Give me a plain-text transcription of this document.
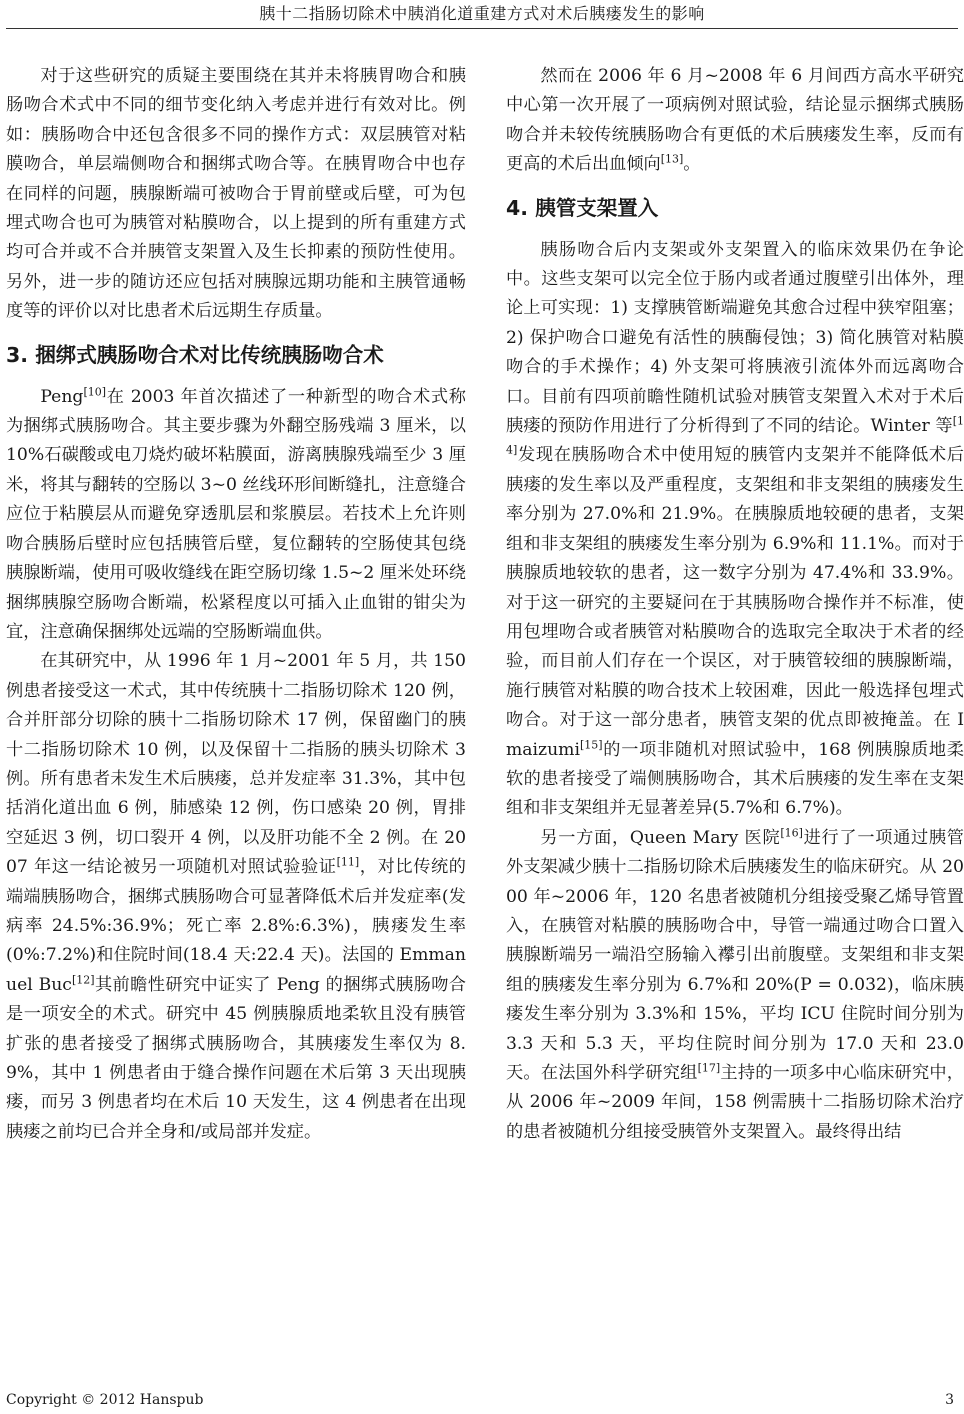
胰十二指肠切除术中胰消化道重建方式对术后胰瘘发生的影响

对于这些研究的质疑主要围绕在其并未将胰胃吻合和胰肠吻合术式中不同的细节变化纳入考虑并进行有效对比。例如：胰肠吻合中还包含很多不同的操作方式：双层胰管对粘膜吻合，单层端侧吻合和捆绑式吻合等。在胰胃吻合中也存在同样的问题，胰腺断端可被吻合于胃前壁或后壁，可为包埋式吻合也可为胰管对粘膜吻合，以上提到的所有重建方式均可合并或不合并胰管支架置入及生长抑素的预防性使用。另外，进一步的随访还应包括对胰腺远期功能和主胰管通畅度等的评价以对比患者术后远期生存质量。

3. 捆绑式胰肠吻合术对比传统胰肠吻合术

Peng[10]在 2003 年首次描述了一种新型的吻合术式称为捆绑式胰肠吻合。其主要步骤为外翻空肠残端 3 厘米，以 10%石碳酸或电刀烧灼破坏粘膜面，游离胰腺残端至少 3 厘米，将其与翻转的空肠以 3~0 丝线环形间断缝扎，注意缝合应位于粘膜层从而避免穿透肌层和浆膜层。若技术上允许则吻合胰肠后壁时应包括胰管后壁，复位翻转的空肠使其包绕胰腺断端，使用可吸收缝线在距空肠切缘 1.5~2 厘米处环绕捆绑胰腺空肠吻合断端，松紧程度以可插入止血钳的钳尖为宜，注意确保捆绑处远端的空肠断端血供。

在其研究中，从 1996 年 1 月~2001 年 5 月，共 150 例患者接受这一术式，其中传统胰十二指肠切除术 120 例，合并肝部分切除的胰十二指肠切除术 17 例，保留幽门的胰十二指肠切除术 10 例，以及保留十二指肠的胰头切除术 3 例。所有患者未发生术后胰瘘，总并发症率 31.3%，其中包括消化道出血 6 例，肺感染 12 例，伤口感染 20 例，胃排空延迟 3 例，切口裂开 4 例，以及肝功能不全 2 例。在 2007 年这一结论被另一项随机对照试验验证[11]，对比传统的端端胰肠吻合，捆绑式胰肠吻合可显著降低术后并发症率(发病率 24.5%:36.9%；死亡率 2.8%:6.3%)，胰瘘发生率(0%:7.2%)和住院时间(18.4 天:22.4 天)。法国的 Emmanuel Buc[12]其前瞻性研究中证实了 Peng 的捆绑式胰肠吻合是一项安全的术式。研究中 45 例胰腺质地柔软且没有胰管扩张的患者接受了捆绑式胰肠吻合，其胰瘘发生率仅为 8.9%，其中 1 例患者由于缝合操作问题在术后第 3 天出现胰瘘，而另 3 例患者均在术后 10 天发生，这 4 例患者在出现胰瘘之前均已合并全身和/或局部并发症。

然而在 2006 年 6 月~2008 年 6 月间西方高水平研究中心第一次开展了一项病例对照试验，结论显示捆绑式胰肠吻合并未较传统胰肠吻合有更低的术后胰瘘发生率，反而有更高的术后出血倾向[13]。

4. 胰管支架置入

胰肠吻合后内支架或外支架置入的临床效果仍在争论中。这些支架可以完全位于肠内或者通过腹壁引出体外，理论上可实现：1) 支撑胰管断端避免其愈合过程中狭窄阻塞；2) 保护吻合口避免有活性的胰酶侵蚀；3) 简化胰管对粘膜吻合的手术操作；4) 外支架可将胰液引流体外而远离吻合口。目前有四项前瞻性随机试验对胰管支架置入术对于术后胰瘘的预防作用进行了分析得到了不同的结论。Winter 等[14]发现在胰肠吻合术中使用短的胰管内支架并不能降低术后胰瘘的发生率以及严重程度，支架组和非支架组的胰瘘发生率分别为 27.0%和 21.9%。在胰腺质地较硬的患者，支架组和非支架组的胰瘘发生率分别为 6.9%和 11.1%。而对于胰腺质地较软的患者，这一数字分别为 47.4%和 33.9%。对于这一研究的主要疑问在于其胰肠吻合操作并不标准，使用包埋吻合或者胰管对粘膜吻合的选取完全取决于术者的经验，而目前人们存在一个误区，对于胰管较细的胰腺断端，施行胰管对粘膜的吻合技术上较困难，因此一般选择包埋式吻合。对于这一部分患者，胰管支架的优点即被掩盖。在 Imaizumi[15]的一项非随机对照试验中，168 例胰腺质地柔软的患者接受了端侧胰肠吻合，其术后胰瘘的发生率在支架组和非支架组并无显著差异(5.7%和 6.7%)。

另一方面，Queen Mary 医院[16]进行了一项通过胰管外支架减少胰十二指肠切除术后胰瘘发生的临床研究。从 2000 年~2006 年，120 名患者被随机分组接受聚乙烯导管置入，在胰管对粘膜的胰肠吻合中，导管一端通过吻合口置入胰腺断端另一端沿空肠输入襻引出前腹壁。支架组和非支架组的胰瘘发生率分别为 6.7%和 20%(P = 0.032)，临床胰瘘发生率分别为 3.3%和 15%，平均 ICU 住院时间分别为 3.3 天和 5.3 天，平均住院时间分别为 17.0 天和 23.0 天。在法国外科学研究组[17]主持的一项多中心临床研究中，从 2006 年~2009 年间，158 例需胰十二指肠切除术治疗的患者被随机分组接受胰管外支架置入。最终得出结

Copyright © 2012 Hanspub	3
